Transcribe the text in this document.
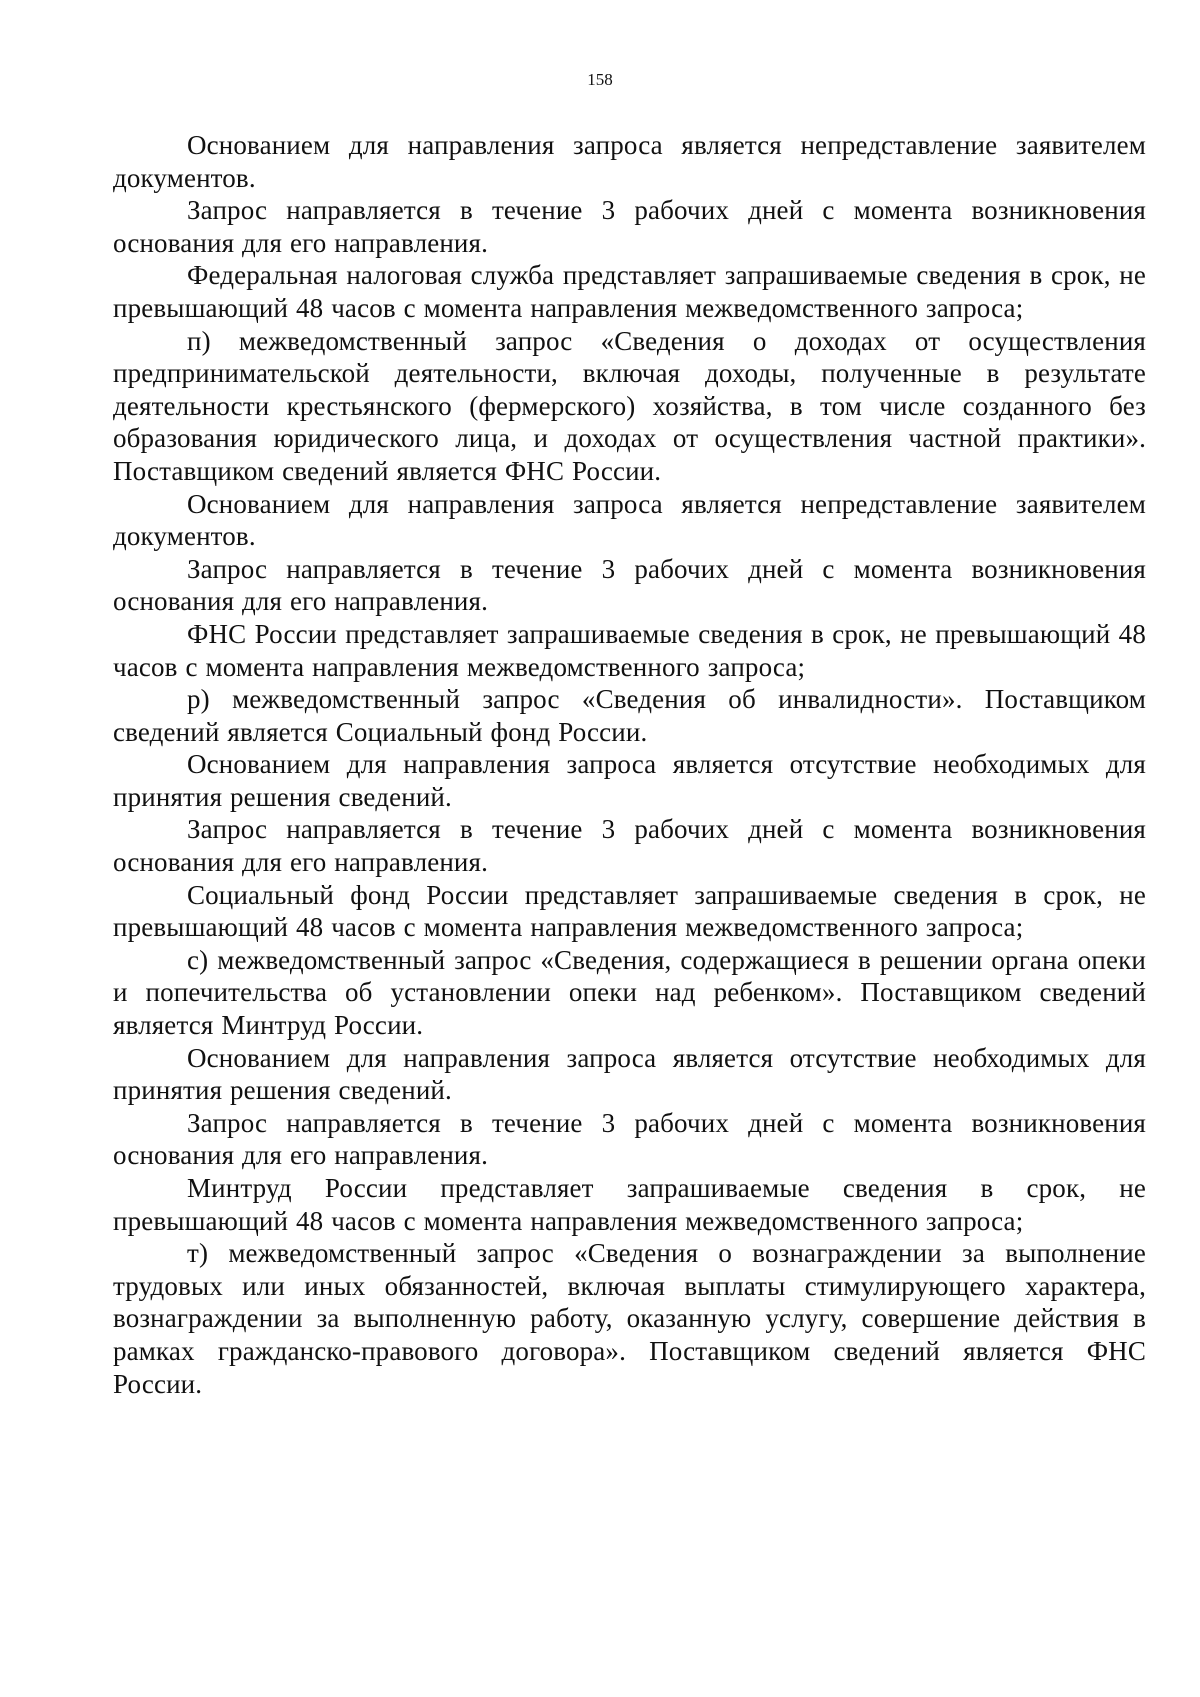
158

Основанием для направления запроса является непредставление заявителем документов.

Запрос направляется в течение 3 рабочих дней с момента возникновения основания для его направления.

Федеральная налоговая служба представляет запрашиваемые сведения в срок, не превышающий 48 часов с момента направления межведомственного запроса;

п) межведомственный запрос «Сведения о доходах от осуществления предпринимательской деятельности, включая доходы, полученные в результате деятельности крестьянского (фермерского) хозяйства, в том числе созданного без образования юридического лица, и доходах от осуществления частной практики». Поставщиком сведений является ФНС России.

Основанием для направления запроса является непредставление заявителем документов.

Запрос направляется в течение 3 рабочих дней с момента возникновения основания для его направления.

ФНС России представляет запрашиваемые сведения в срок, не превышающий 48 часов с момента направления межведомственного запроса;

р) межведомственный запрос «Сведения об инвалидности». Поставщиком сведений является Социальный фонд России.

Основанием для направления запроса является отсутствие необходимых для принятия решения сведений.

Запрос направляется в течение 3 рабочих дней с момента возникновения основания для его направления.

Социальный фонд России представляет запрашиваемые сведения в срок, не превышающий 48 часов с момента направления межведомственного запроса;

с) межведомственный запрос «Сведения, содержащиеся в решении органа опеки и попечительства об установлении опеки над ребенком». Поставщиком сведений является Минтруд России.

Основанием для направления запроса является отсутствие необходимых для принятия решения сведений.

Запрос направляется в течение 3 рабочих дней с момента возникновения основания для его направления.

Минтруд России представляет запрашиваемые сведения в срок, не превышающий 48 часов с момента направления межведомственного запроса;

т) межведомственный запрос «Сведения о вознаграждении за выполнение трудовых или иных обязанностей, включая выплаты стимулирующего характера, вознаграждении за выполненную работу, оказанную услугу, совершение действия в рамках гражданско-правового договора». Поставщиком сведений является ФНС России.
